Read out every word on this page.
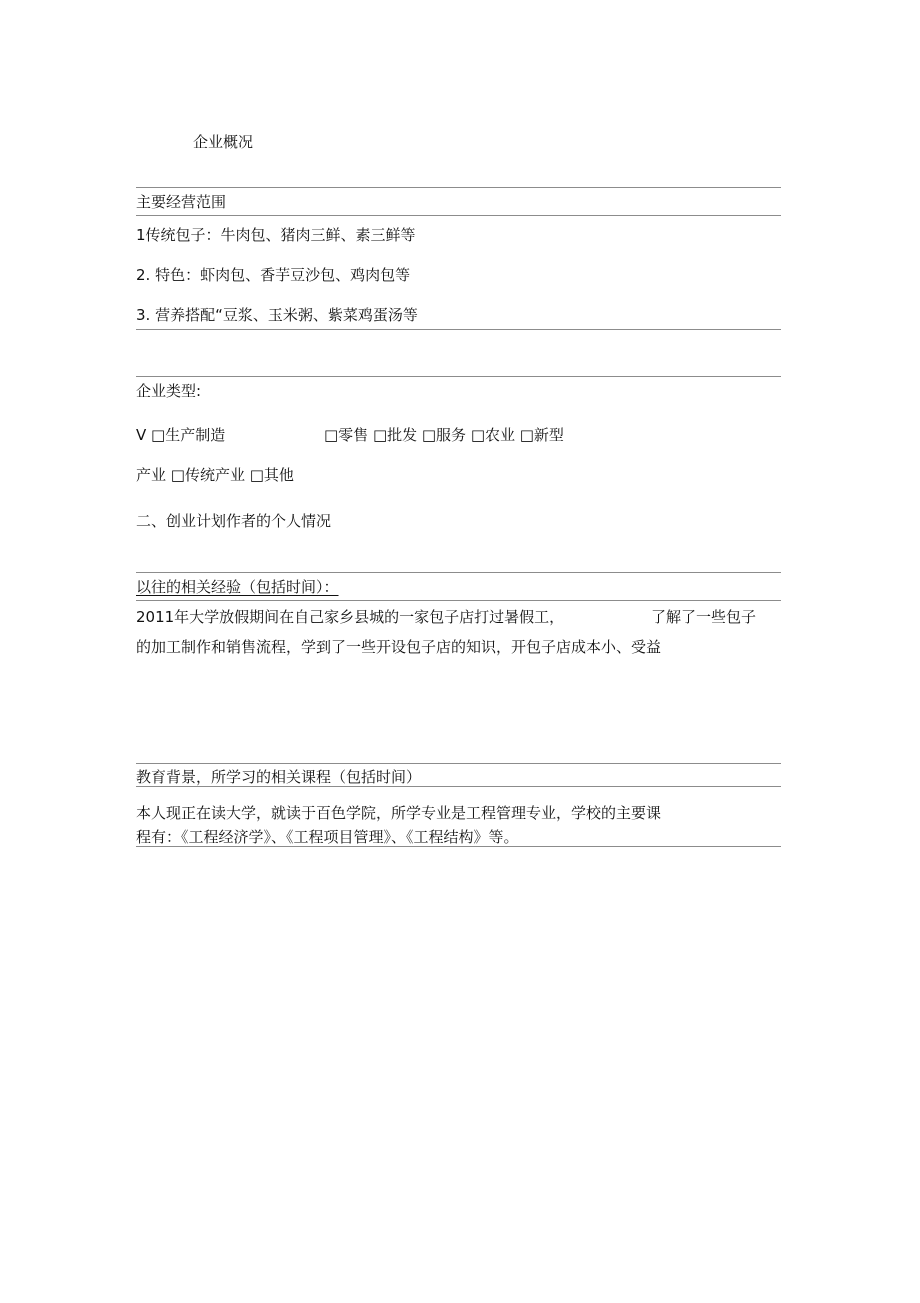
企业概况
主要经营范围
1传统包子：牛肉包、猪肉三鲜、素三鲜等
2. 特色：虾肉包、香芋豆沙包、鸡肉包等
3. 营养搭配“豆浆、玉米粥、紫菜鸡蛋汤等
企业类型:
V □生产制造	□零售 □批发 □服务 □农业 □新型
产业 □传统产业 □其他
二、创业计划作者的个人情况
以往的相关经验（包括时间）：
2011年大学放假期间在自己家乡县城的一家包子店打过暑假工，	了解了一些包子
的加工制作和销售流程，学到了一些开设包子店的知识，开包子店成本小、受益
教育背景，所学习的相关课程（包括时间）
本人现正在读大学，就读于百色学院，所学专业是工程管理专业，学校的主要课
程有：《工程经济学》、《工程项目管理》、《工程结构》等。
